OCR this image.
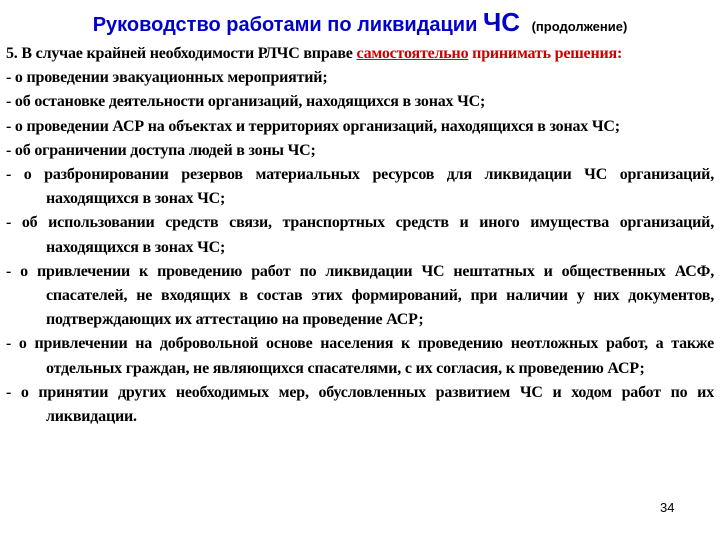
Руководство работами по ликвидации ЧС (продолжение)

5. В случае крайней необходимости РЛЧС вправе самостоятельно принимать решения:

- о проведении эвакуационных мероприятий;

- об остановке деятельности организаций, находящихся в зонах ЧС;

- о проведении АСР на объектах и территориях организаций, находящихся в зонах ЧС;

- об ограничении доступа людей в зоны ЧС;

- о разбронировании резервов материальных ресурсов для ликвидации ЧС организаций, находящихся в зонах ЧС;

- об использовании средств связи, транспортных средств и иного имущества организаций, находящихся в зонах ЧС;

- о привлечении к проведению работ по ликвидации ЧС нештатных и общественных АСФ, спасателей, не входящих в состав этих формирований, при наличии у них документов, подтверждающих их аттестацию на проведение АСР;

- о привлечении на добровольной основе населения к проведению неотложных работ, а также отдельных граждан, не являющихся спасателями, с их согласия, к проведению АСР;

- о принятии других необходимых мер, обусловленных развитием ЧС и ходом работ по их ликвидации.

34
